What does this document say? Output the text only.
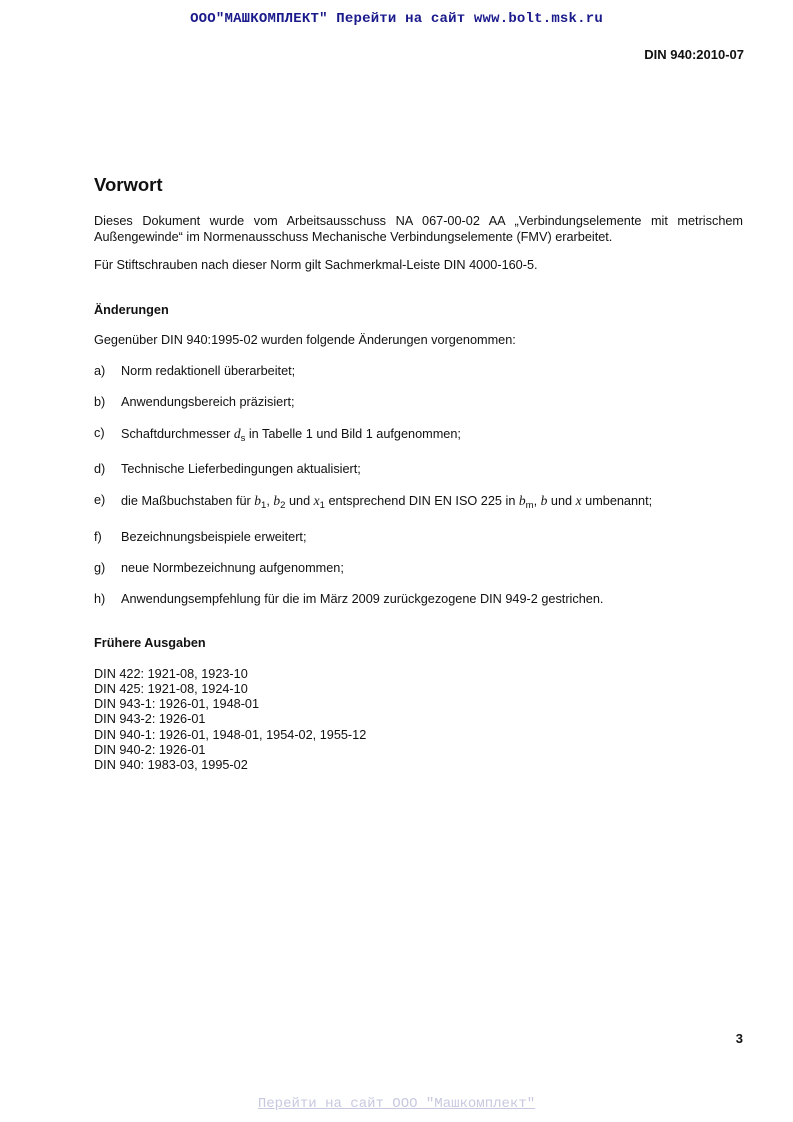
ООО"МАШКОМПЛЕКТ" Перейти на сайт www.bolt.msk.ru
DIN 940:2010-07
Vorwort

Dieses Dokument wurde vom Arbeitsausschuss NA 067-00-02 AA „Verbindungselemente mit metrischem Außengewinde“ im Normenausschuss Mechanische Verbindungselemente (FMV) erarbeitet.

Für Stiftschrauben nach dieser Norm gilt Sachmerkmal-Leiste DIN 4000-160-5.

Änderungen

Gegenüber DIN 940:1995-02 wurden folgende Änderungen vorgenommen:

a)	Norm redaktionell überarbeitet;
b)	Anwendungsbereich präzisiert;
c)	Schaftdurchmesser $d_s$ in Tabelle 1 und Bild 1 aufgenommen;
d)	Technische Lieferbedingungen aktualisiert;
e)	die Maßbuchstaben für $b_1$, $b_2$ und $x_1$ entsprechend DIN EN ISO 225 in $b_m$, b und x umbenannt;
f)	Bezeichnungsbeispiele erweitert;
g)	neue Normbezeichnung aufgenommen;
h)	Anwendungsempfehlung für die im März 2009 zurückgezogene DIN 949-2 gestrichen.
Frühere Ausgaben
DIN 422: 1921-08, 1923-10
DIN 425: 1921-08, 1924-10
DIN 943-1: 1926-01, 1948-01
DIN 943-2: 1926-01
DIN 940-1: 1926-01, 1948-01, 1954-02, 1955-12
DIN 940-2: 1926-01
DIN 940: 1983-03, 1995-02
3
Перейти на сайт ООО "Машкомплект"
